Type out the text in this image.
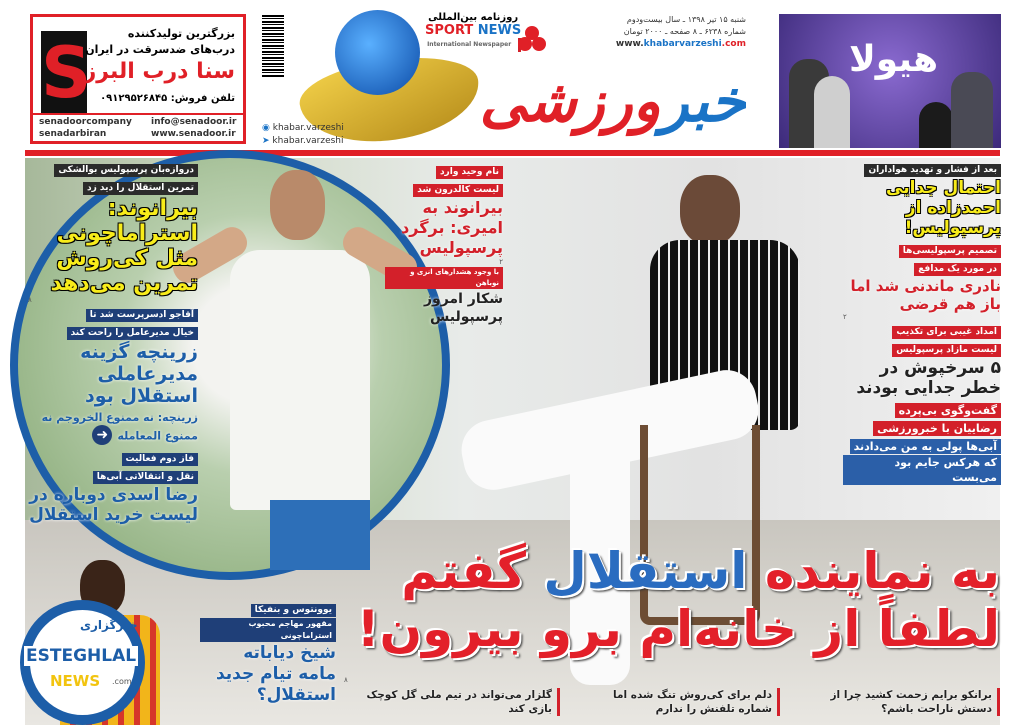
S	بزرگترین تولیدکننده
درب‌های ضدسرقت در ایران
سنا درب البرز
تلفن فروش: ۰۹۱۲۹۵۲۶۸۴۵
senadoorcompany
senadarbiran
info@senadoor.ir
www.senadoor.ir
روزنامه بین‌المللی
SPORT NEWS
International Newspaper
◉ khabar.varzeshi
➤ khabar.varzeshi
خبرورزشی
شنبه ۱۵ تیر ۱۳۹۸ ـ سال بیست‌ودوم
شماره ۶۲۳۸ ـ ۸ صفحه ـ ۲۰۰۰ تومان
www.khabarvarzeshi.com	هیولا
دروازه‌بان پرسپولیس بوالشکی
تمرین استقلال را دید زد
بیرانوند: استراماچونی مثل کی‌روش تمرین می‌دهد
۸
آقاجو ادسرپرست شد تا
خیال مدیرعامل را راحت کند
زرینچه گزینه مدیرعاملی استقلال بود
زرینچه: نه ممنوع الخروجم نه ممنوع المعامله ➜
فاز دوم فعالیت
نقل و انتقالاتی آبی‌ها
رضا اسدی دوباره در لیست خرید استقلال
نام وحید وارد
لیست کالدرون شد
بیرانوند به امیری: برگرد پرسپولیس
۲
با وجود هشدارهای انزی و نوباهن
شکار امروز پرسپولیس
بعد از فشار و تهدید هواداران
احتمال جدایی احمدزاده از پرسپولیس!
تصمیم پرسپولیسی‌ها
در مورد یک مدافع
نادری ماندنی شد اما باز هم قرضی
۲
امداد غیبی برای تکذیب
لیست مازاد پرسپولیس
۵ سرخپوش در خطر جدایی بودند
گفت‌وگوی بی‌پرده
رضاییان با خبرورزشی
آبی‌ها پولی به من می‌دادند
که هرکس جایم بود می‌بست
به نماینده استقلال گفتم
لطفاً از خانه‌ام برو بیرون!
۸
برانکو برایم زحمت کشید چرا از دستش ناراحت باشم؟
دلم برای کی‌روش تنگ شده اما شماره تلفنش را ندارم
گلزار می‌تواند در تیم ملی گل کوچک بازی کند
خبرگزاری
ESTEGHLAL
NEWS .com
یوونتوس و بنفیکا
مقهور مهاجم محبوب استراماچونی
شیخ دیاباته مامه تیام جدید استقلال؟
